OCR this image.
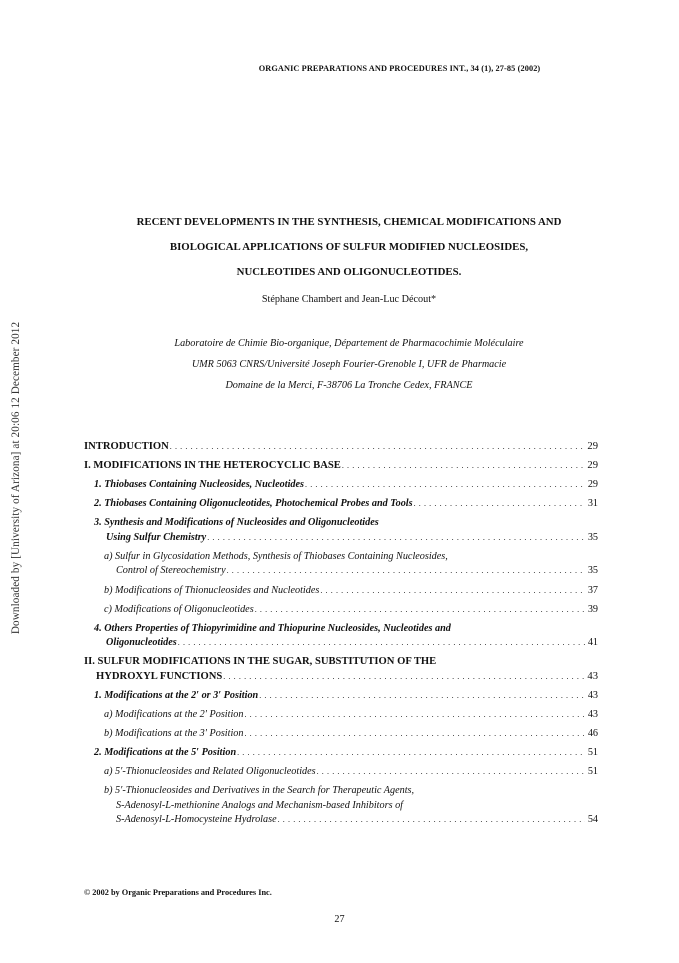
Downloaded by [University of Arizona] at 20:06 12 December 2012
ORGANIC PREPARATIONS AND PROCEDURES INT., 34 (1), 27-85 (2002)
RECENT DEVELOPMENTS IN THE SYNTHESIS, CHEMICAL MODIFICATIONS AND
BIOLOGICAL APPLICATIONS OF SULFUR MODIFIED NUCLEOSIDES,
NUCLEOTIDES AND OLIGONUCLEOTIDES.
Stéphane Chambert and Jean-Luc Décout*
Laboratoire de Chimie Bio-organique, Département de Pharmacochimie Moléculaire
UMR 5063 CNRS/Université Joseph Fourier-Grenoble I, UFR de Pharmacie
Domaine de la Merci, F-38706 La Tronche Cedex, FRANCE
INTRODUCTION . . .	29
I. MODIFICATIONS IN THE HETEROCYCLIC BASE . . .	29
1. Thiobases Containing Nucleosides, Nucleotides . . .	29
2. Thiobases Containing Oligonucleotides, Photochemical Probes and Tools . . .	31
3. Synthesis and Modifications of Nucleosides and Oligonucleotides
Using Sulfur Chemistry . . .	35
a) Sulfur in Glycosidation Methods, Synthesis of Thiobases Containing Nucleosides,
Control of Stereochemistry . . .	35
b) Modifications of Thionucleosides and Nucleotides . . .	37
c) Modifications of Oligonucleotides . . .	39
4. Others Properties of Thiopyrimidine and Thiopurine Nucleosides, Nucleotides and
Oligonucleotides . . .	41
II. SULFUR MODIFICATIONS IN THE SUGAR, SUBSTITUTION OF THE
HYDROXYL FUNCTIONS . . .	43
1. Modifications at the 2′ or 3′ Position . . .	43
a) Modifications at the 2′ Position . . .	43
b) Modifications at the 3′ Position . . .	46
2. Modifications at the 5′ Position . . .	51
a) 5′-Thionucleosides and Related Oligonucleotides . . .	51
b) 5′-Thionucleosides and Derivatives in the Search for Therapeutic Agents,
S-Adenosyl-L-methionine Analogs and Mechanism-based Inhibitors of
S-Adenosyl-L-Homocysteine Hydrolase . . .	54
© 2002 by Organic Preparations and Procedures Inc.
27
